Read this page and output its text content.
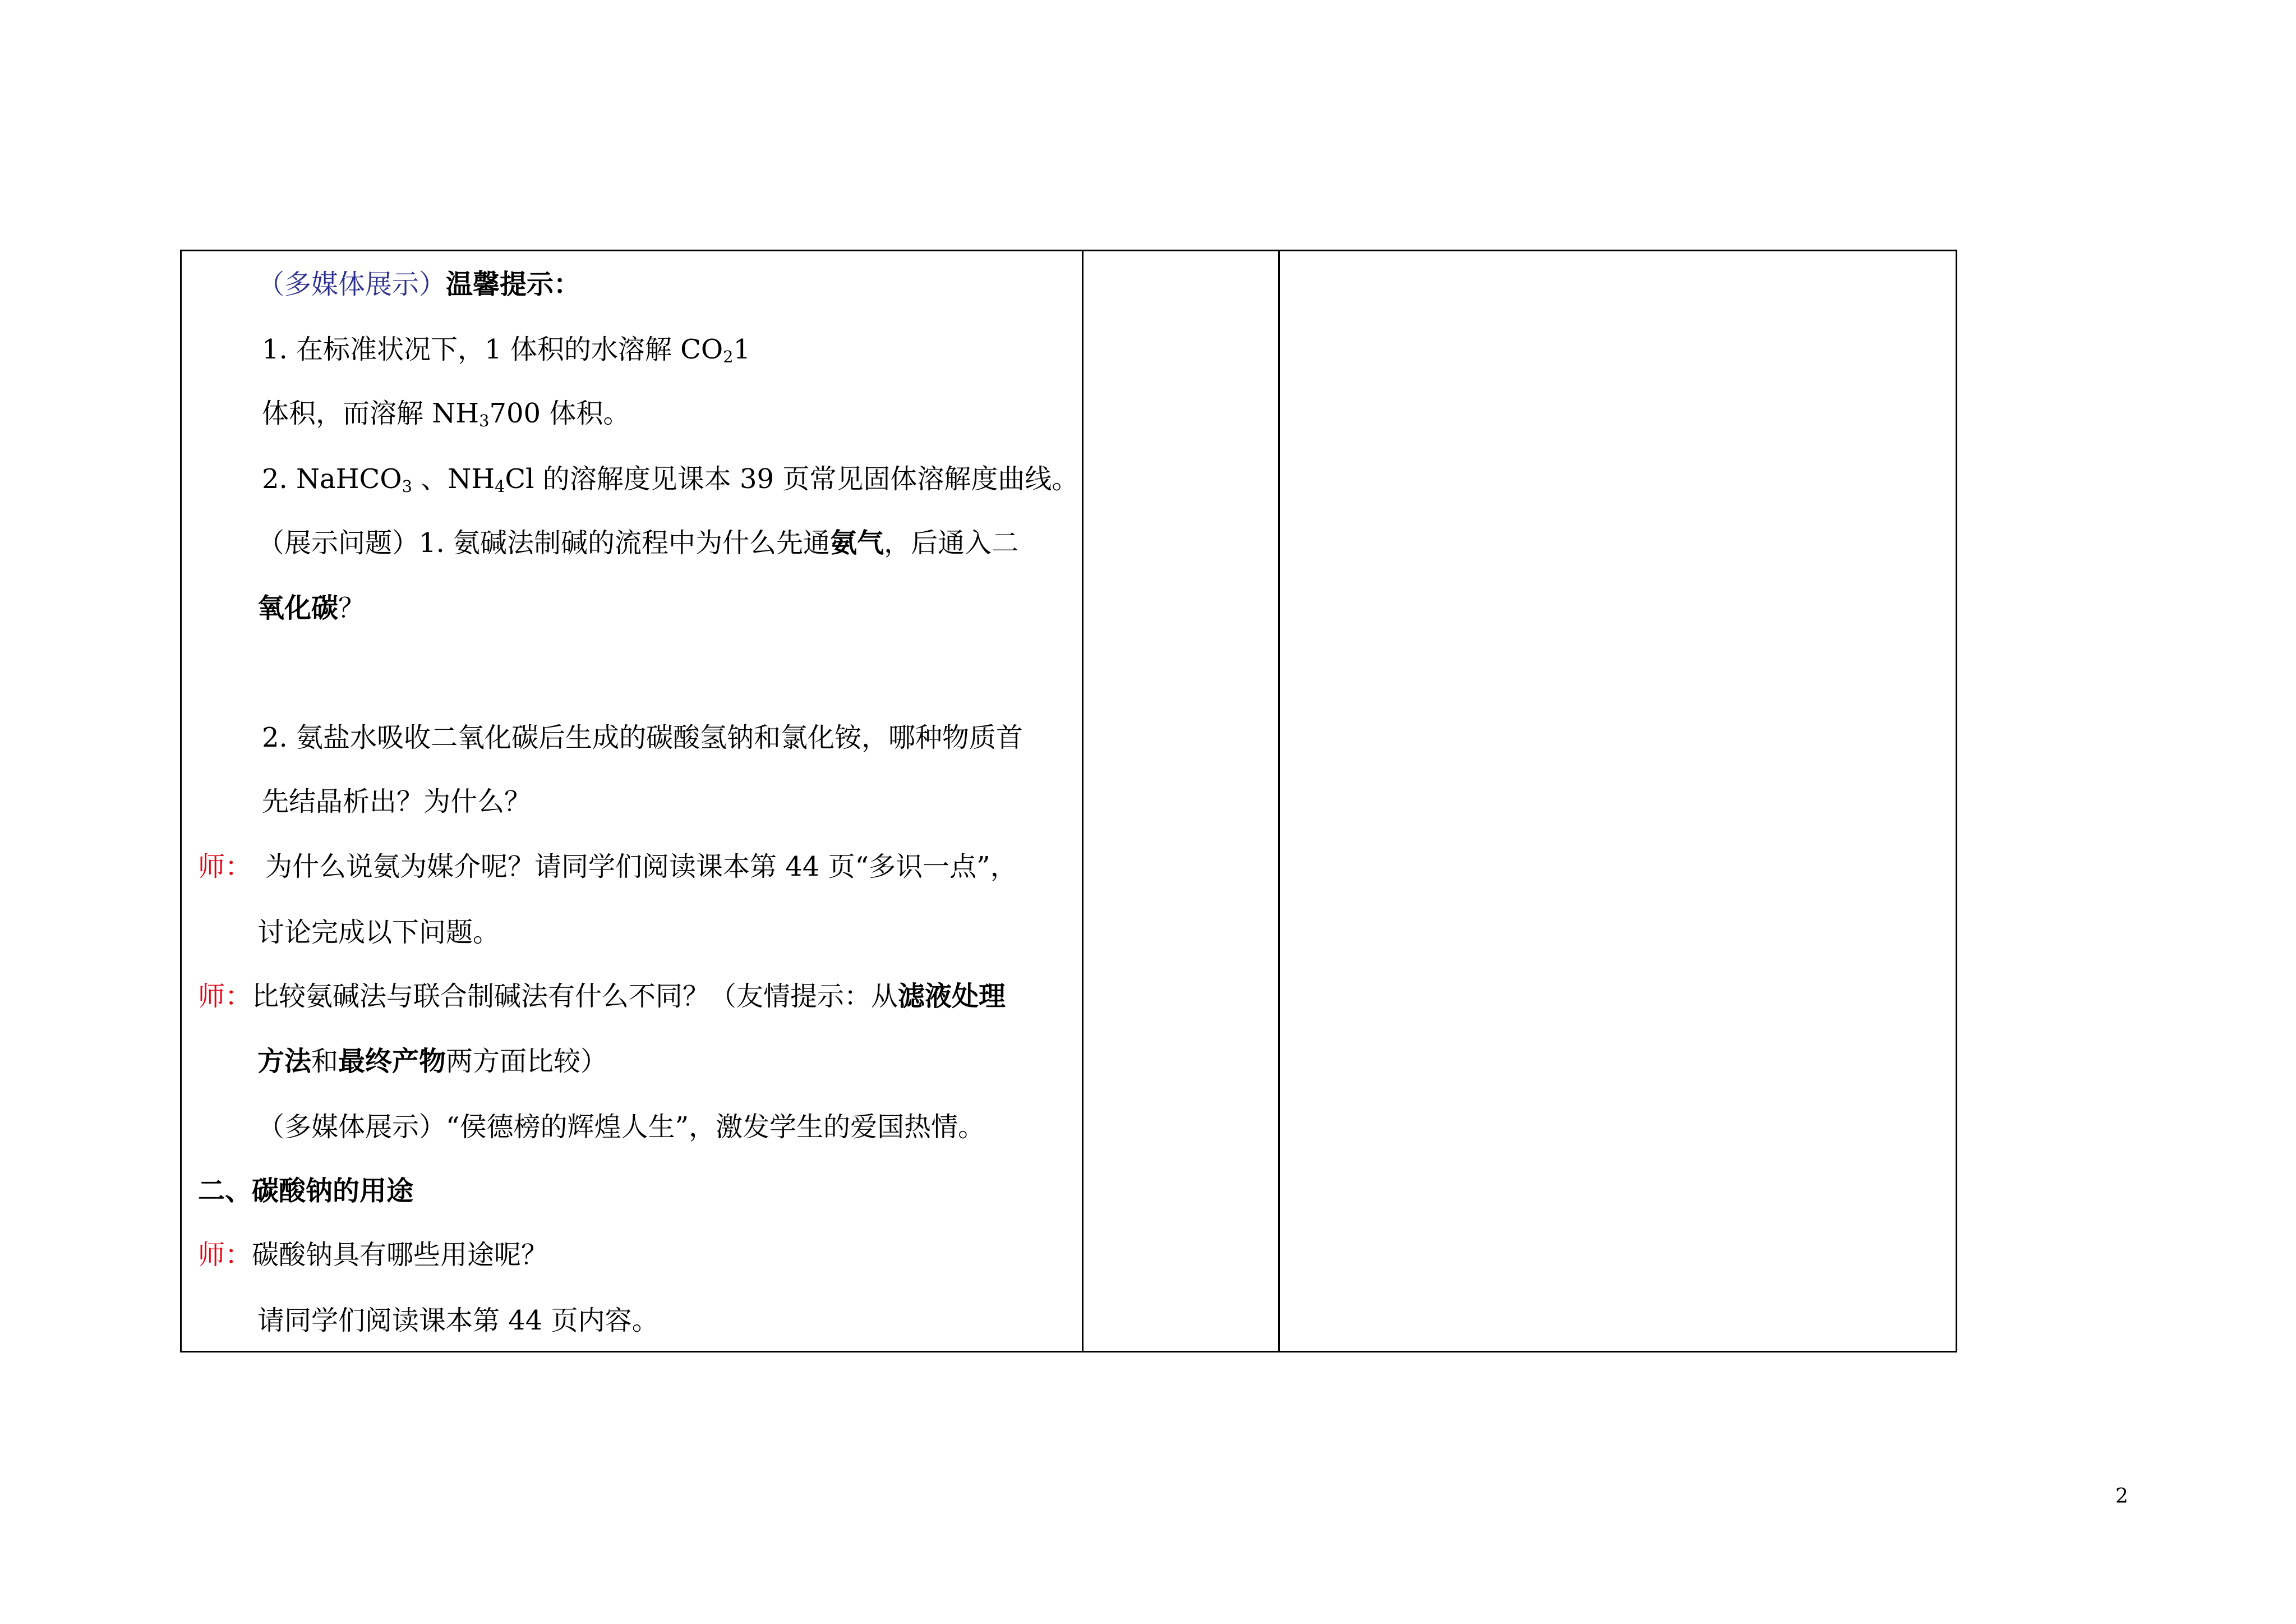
（多媒体展示）温馨提示：
1. 在标准状况下，1 体积的水溶解 $CO_21$
体积，而溶解 $NH_3700$ 体积。
2. NaHCO$_3$ 、$NH_4Cl$ 的溶解度见课本 39 页常见固体溶解度曲线。
（展示问题）1. 氨碱法制碱的流程中为什么先通氨气，后通入二
氧化碳？
2. 氨盐水吸收二氧化碳后生成的碳酸氢钠和氯化铵，哪种物质首
先结晶析出？为什么？
师： 为什么说氨为媒介呢？请同学们阅读课本第 44 页“多识一点”，
讨论完成以下问题。
师：比较氨碱法与联合制碱法有什么不同？（友情提示：从滤液处理
方法和最终产物两方面比较）
（多媒体展示）“侯德榜的辉煌人生”，激发学生的爱国热情。
二、碳酸钠的用途
师：碳酸钠具有哪些用途呢？
请同学们阅读课本第 44 页内容。
2
